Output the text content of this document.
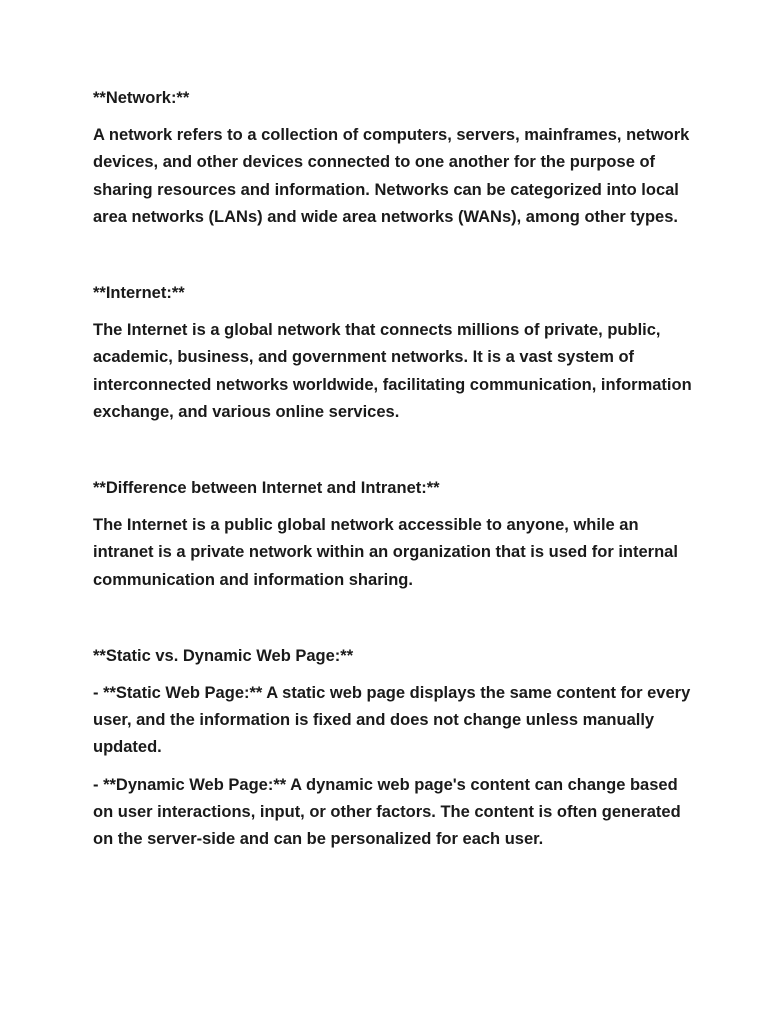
**Network:**

A network refers to a collection of computers, servers, mainframes, network devices, and other devices connected to one another for the purpose of sharing resources and information. Networks can be categorized into local area networks (LANs) and wide area networks (WANs), among other types.

**Internet:**

The Internet is a global network that connects millions of private, public, academic, business, and government networks. It is a vast system of interconnected networks worldwide, facilitating communication, information exchange, and various online services.

**Difference between Internet and Intranet:**

The Internet is a public global network accessible to anyone, while an intranet is a private network within an organization that is used for internal communication and information sharing.

**Static vs. Dynamic Web Page:**

- **Static Web Page:** A static web page displays the same content for every user, and the information is fixed and does not change unless manually updated.

- **Dynamic Web Page:** A dynamic web page's content can change based on user interactions, input, or other factors. The content is often generated on the server-side and can be personalized for each user.
